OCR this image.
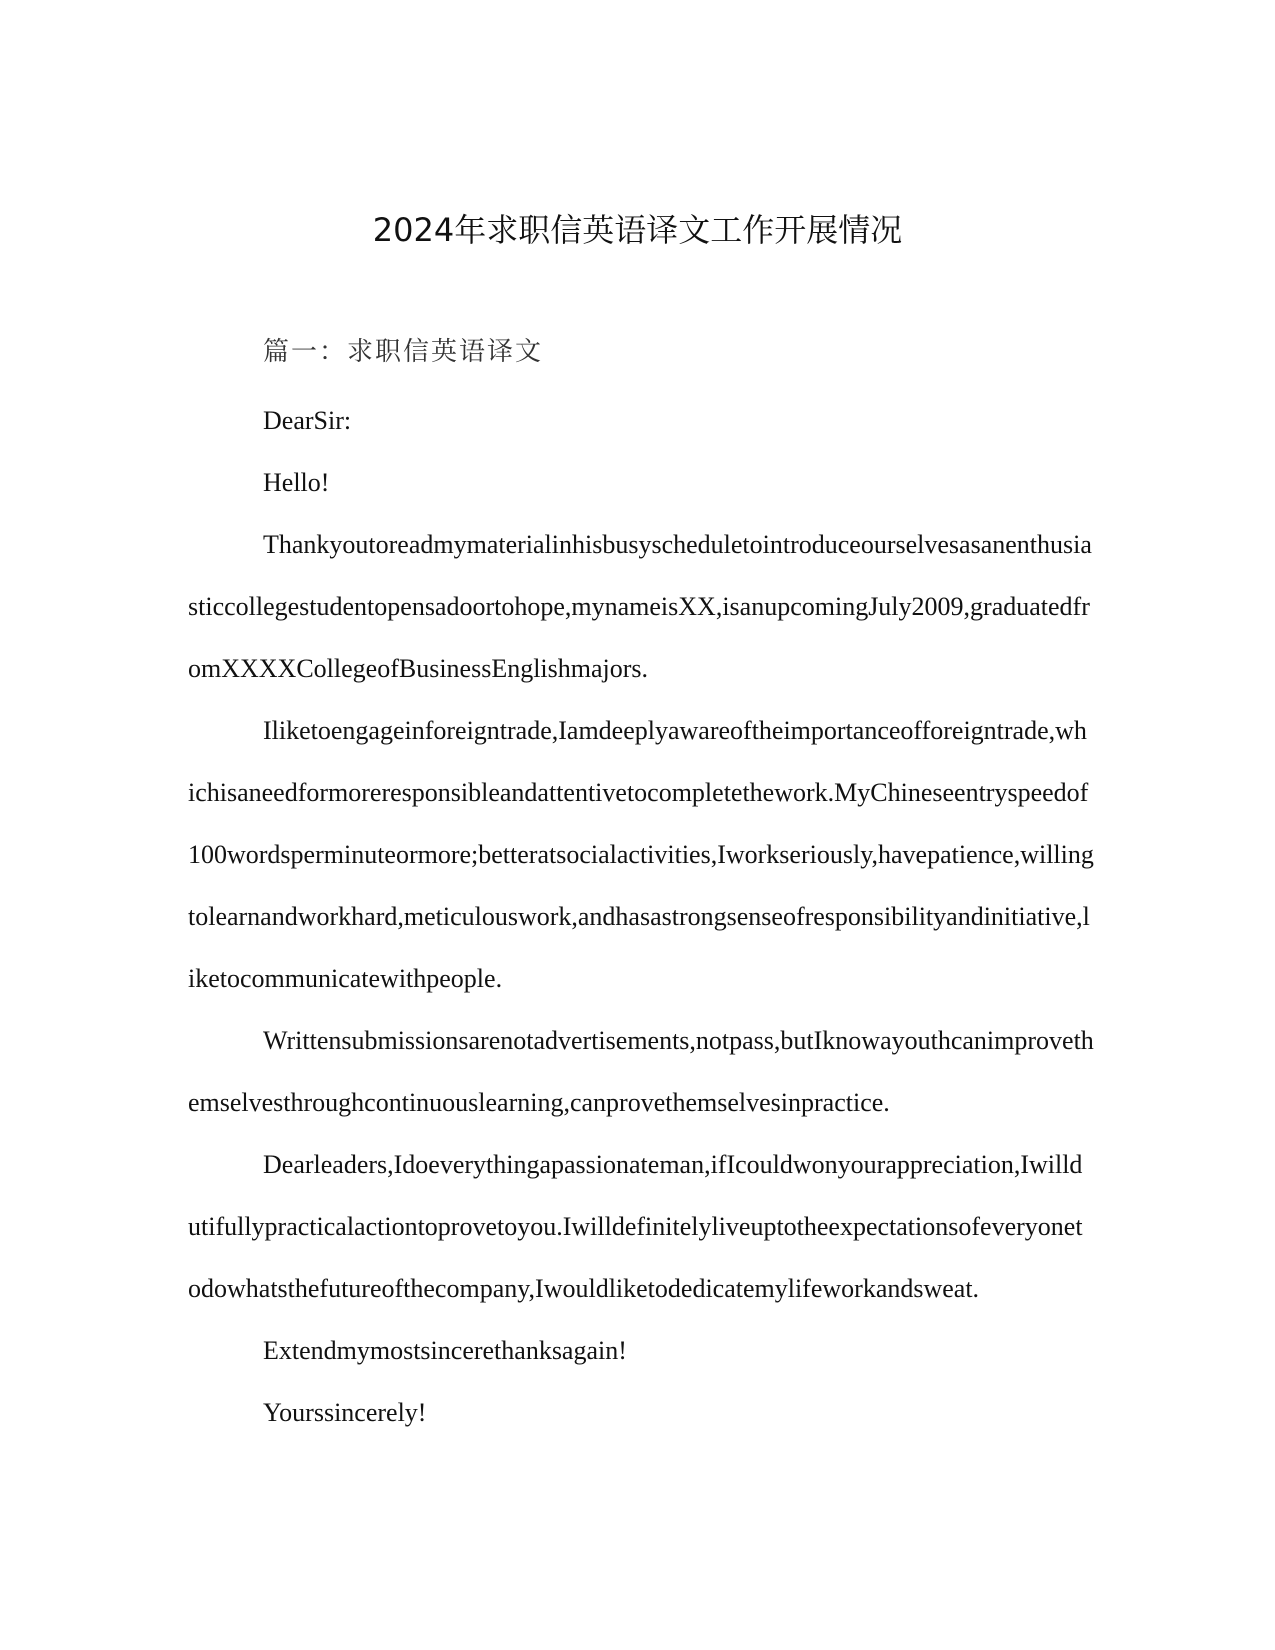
2024年求职信英语译文工作开展情况
篇一：求职信英语译文

DearSir:

Hello!

Thankyoutoreadmymaterialinhisbusyscheduletointroduceourselvesasanenthusiasticcollegestudentopensadoortohope,mynameisXX,isanupcomingJuly2009,graduatedfromXXXXCollegeofBusinessEnglishmajors.

Iliketoengageinforeigntrade,Iamdeeplyawareoftheimportanceofforeigntrade,whichisaneedformoreresponsibleandattentivetocompletethework.MyChineseentryspeedof100wordsperminuteormore;betteratsocialactivities,Iworkseriously,havepatience,willingtolearnandworkhard,meticulouswork,andhasastrongsenseofresponsibilityandinitiative,liketocommunicatewithpeople.

Writtensubmissionsarenotadvertisements,notpass,butIknowayouthcanimprovethemselvesthroughcontinuouslearning,canprovethemselvesinpractice.

Dearleaders,Idoeverythingapassionateman,ifIcouldwonyourappreciation,Iwilldutifullypracticalactiontoprovetoyou.Iwilldefinitelyliveuptotheexpectationsofeveryonetodowhatsthefutureofthecompany,Iwouldliketodedicatemylifeworkandsweat.

Extendmymostsincerethanksagain!

Yourssincerely!
